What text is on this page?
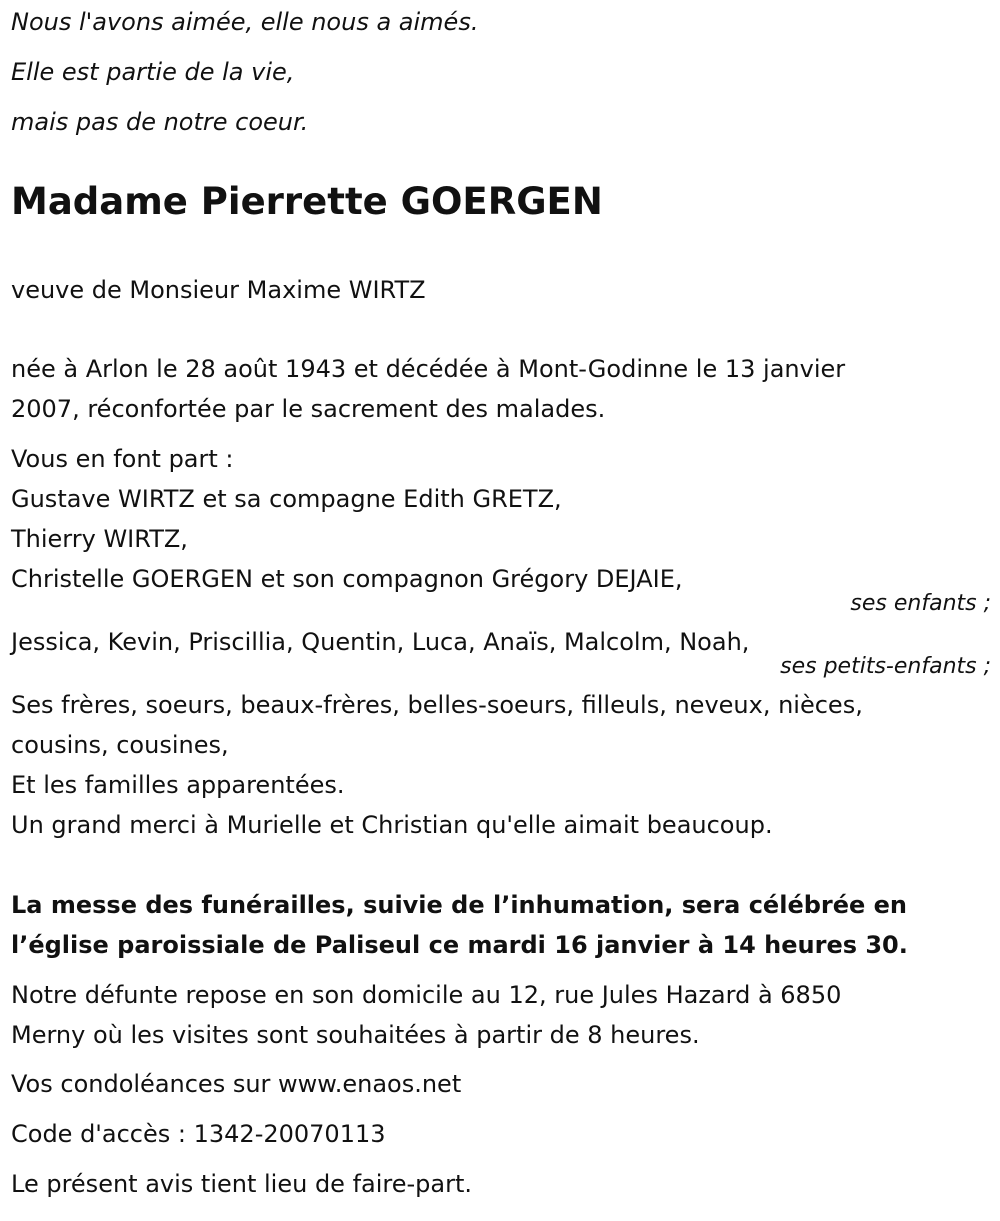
Nous l'avons aimée, elle nous a aimés.
Elle est partie de la vie,
mais pas de notre coeur.
Madame Pierrette GOERGEN
veuve de Monsieur Maxime WIRTZ
née à Arlon le 28 août 1943 et décédée à Mont-Godinne le 13 janvier
2007, réconfortée par le sacrement des malades.
Vous en font part :
Gustave WIRTZ et sa compagne Edith GRETZ,
Thierry WIRTZ,
Christelle GOERGEN et son compagnon Grégory DEJAIE,
ses enfants ;
Jessica, Kevin, Priscillia, Quentin, Luca, Anaïs, Malcolm, Noah,
ses petits-enfants ;
Ses frères, soeurs, beaux-frères, belles-soeurs, filleuls, neveux, nièces,
cousins, cousines,
Et les familles apparentées.
Un grand merci à Murielle et Christian qu'elle aimait beaucoup.
La messe des funérailles, suivie de l’inhumation, sera célébrée en
l’église paroissiale de Paliseul ce mardi 16 janvier à 14 heures 30.
Notre défunte repose en son domicile au 12, rue Jules Hazard à 6850
Merny où les visites sont souhaitées à partir de 8 heures.
Vos condoléances sur www.enaos.net
Code d'accès : 1342-20070113
Le présent avis tient lieu de faire-part.
